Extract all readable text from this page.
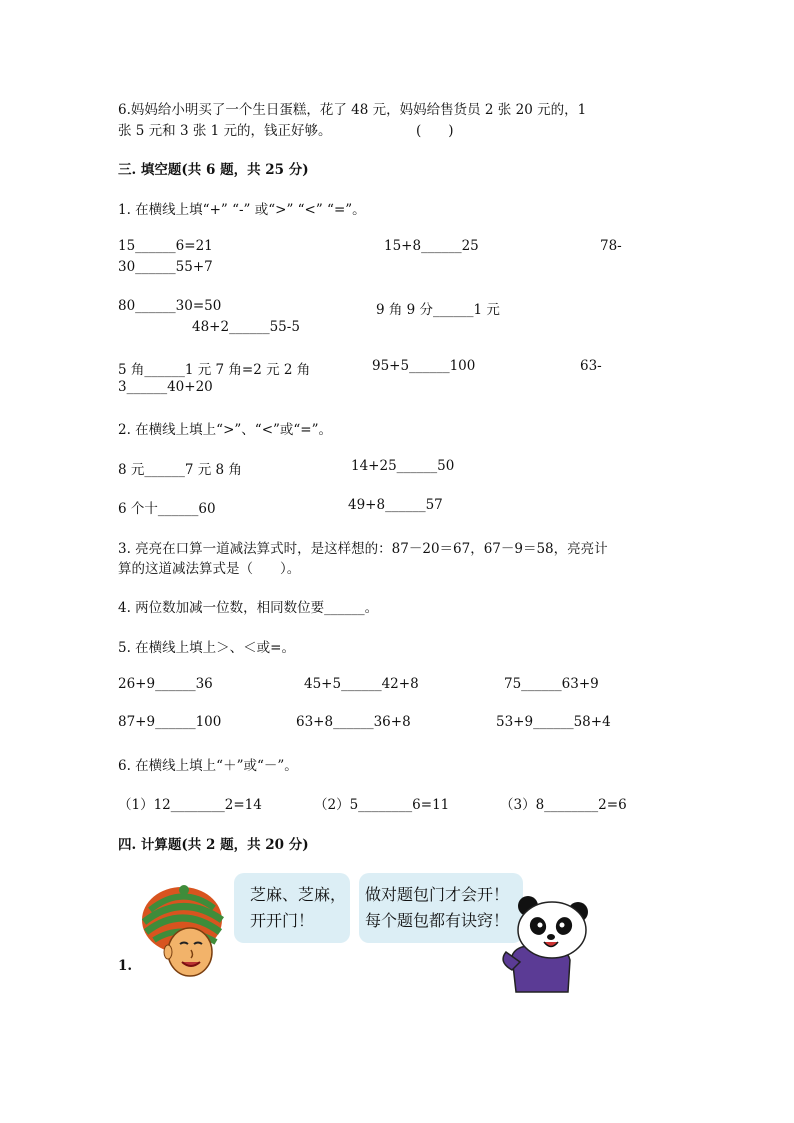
6.妈妈给小明买了一个生日蛋糕，花了 48 元，妈妈给售货员 2 张 20 元的，1
张 5 元和 3 张 1 元的，钱正好够。	(　　)
三. 填空题(共 6 题，共 25 分)
1. 在横线上填“+” “-” 或“>” “<” “=”。
15______6=21	15+8______25	78-
30______55+7
80______30=50	9 角 9 分______1 元
48+2______55-5
5 角______1 元 7 角=2 元 2 角	95+5______100	63-
3______40+20
2. 在横线上填上“>”、“<”或“=”。
8 元______7 元 8 角	14+25______50
6 个十______60	49+8______57
3. 亮亮在口算一道减法算式时，是这样想的：87－20＝67，67－9＝58，亮亮计
算的这道减法算式是（　　）。
4. 两位数加减一位数，相同数位要______。
5. 在横线上填上＞、＜或=。
26+9______36	45+5______42+8	75______63+9
87+9______100	63+8______36+8	53+9______58+4
6. 在横线上填上“＋”或“－”。
（1）12________2=14	（2）5________6=11	（3）8________2=6
四. 计算题(共 2 题，共 20 分)
芝麻、芝麻，
开开门！
做对题包门才会开！
每个题包都有诀窍！
1.
